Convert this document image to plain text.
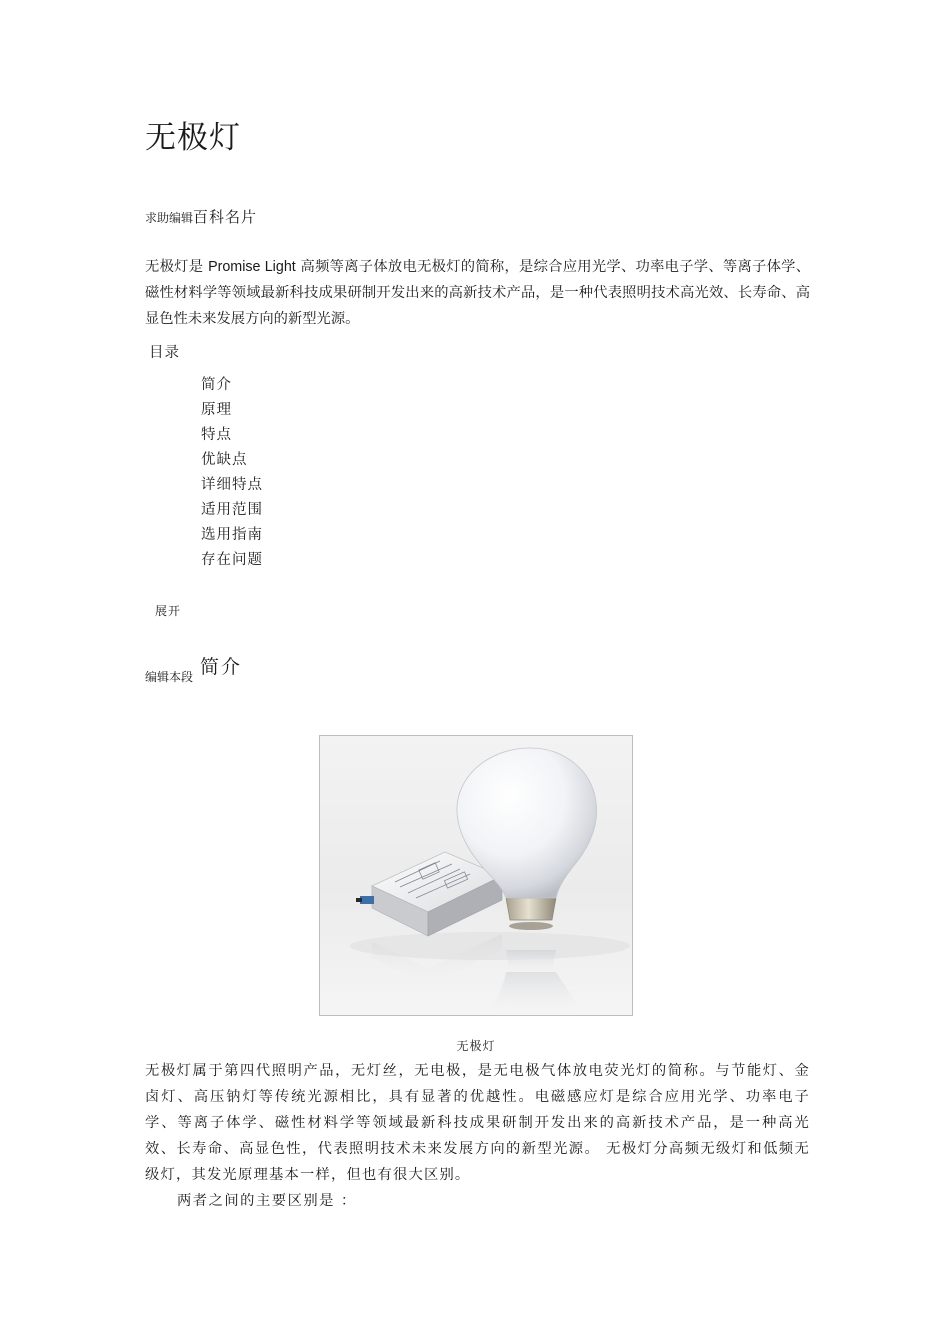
无极灯
求助编辑百科名片

无极灯是 Promise Light 高频等离子体放电无极灯的简称，是综合应用光学、功率电子学、等离子体学、磁性材料学等领域最新科技成果研制开发出来的高新技术产品，是一种代表照明技术高光效、长寿命、高显色性未来发展方向的新型光源。

目录
简介
原理
特点
优缺点
详细特点
适用范围
选用指南
存在问题
展开
编辑本段 简介
无极灯

无极灯属于第四代照明产品，无灯丝，无电极，是无电极气体放电荧光灯的简称。与节能灯、金卤灯、高压钠灯等传统光源相比，具有显著的优越性。电磁感应灯是综合应用光学、功率电子学、等离子体学、磁性材料学等领域最新科技成果研制开发出来的高新技术产品，是一种高光效、长寿命、高显色性，代表照明技术未来发展方向的新型光源。 无极灯分高频无级灯和低频无级灯，其发光原理基本一样，但也有很大区别。

两者之间的主要区别是 ：
